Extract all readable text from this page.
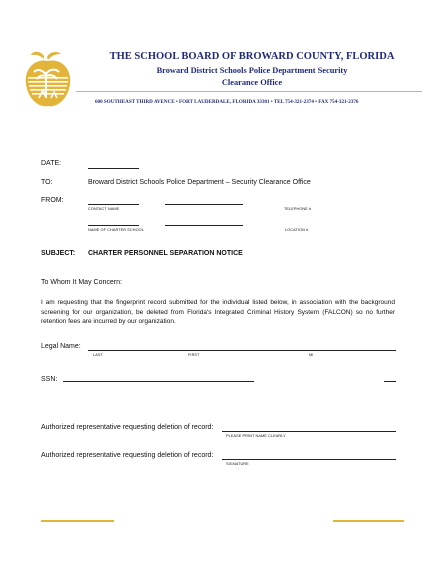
THE SCHOOL BOARD OF BROWARD COUNTY, FLORIDA
Broward District Schools Police Department Security
Clearance Office
600 SOUTHEAST THIRD AVENCE • FORT LAUDERDALE, FLORIDA 33301 • TEL 754-321-2374 • FAX 754-321-2376
DATE:
TO:	Broward District Schools Police Department – Security Clearance Office
FROM:
CONTACT NAME	TELEPHONE #
NAME OF CHARTER SCHOOL	LOCATION #
SUBJECT: CHARTER PERSONNEL SEPARATION NOTICE
To Whom It May Concern:
I am requesting that the fingerprint record submitted for the individual listed below, in association with the background screening for our organization, be deleted from Florida's Integrated Criminal History System (FALCON) so no further retention fees are incurred by our organization.
Legal Name:
LAST	FIRST	MI
SSN:
Authorized representative requesting deletion of record:
PLEASE PRINT NAME CLEARLY
Authorized representative requesting deletion of record:
SIGNATURE
